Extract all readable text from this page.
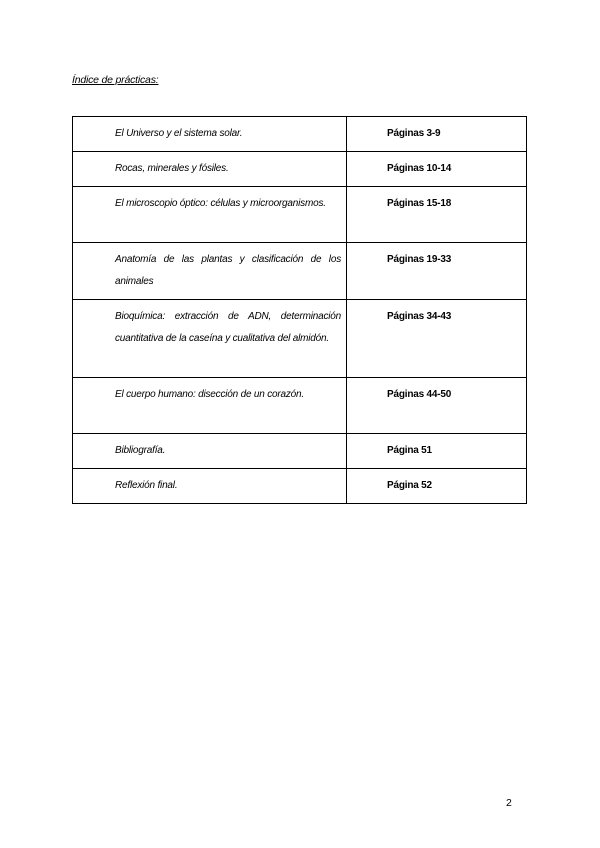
Índice de prácticas:
El Universo y el sistema solar.	Páginas 3-9
Rocas, minerales y fósiles.	Páginas 10-14
El microscopio óptico: células y microorganismos.	Páginas 15-18
Anatomía de las plantas y clasificación de los animales	Páginas 19-33
Bioquímica: extracción de ADN, determinación cuantitativa de la caseína y cualitativa del almidón.	Páginas 34-43
El cuerpo humano: disección de un corazón.	Páginas 44-50
Bibliografía.	Página 51
Reflexión final.	Página 52
2
